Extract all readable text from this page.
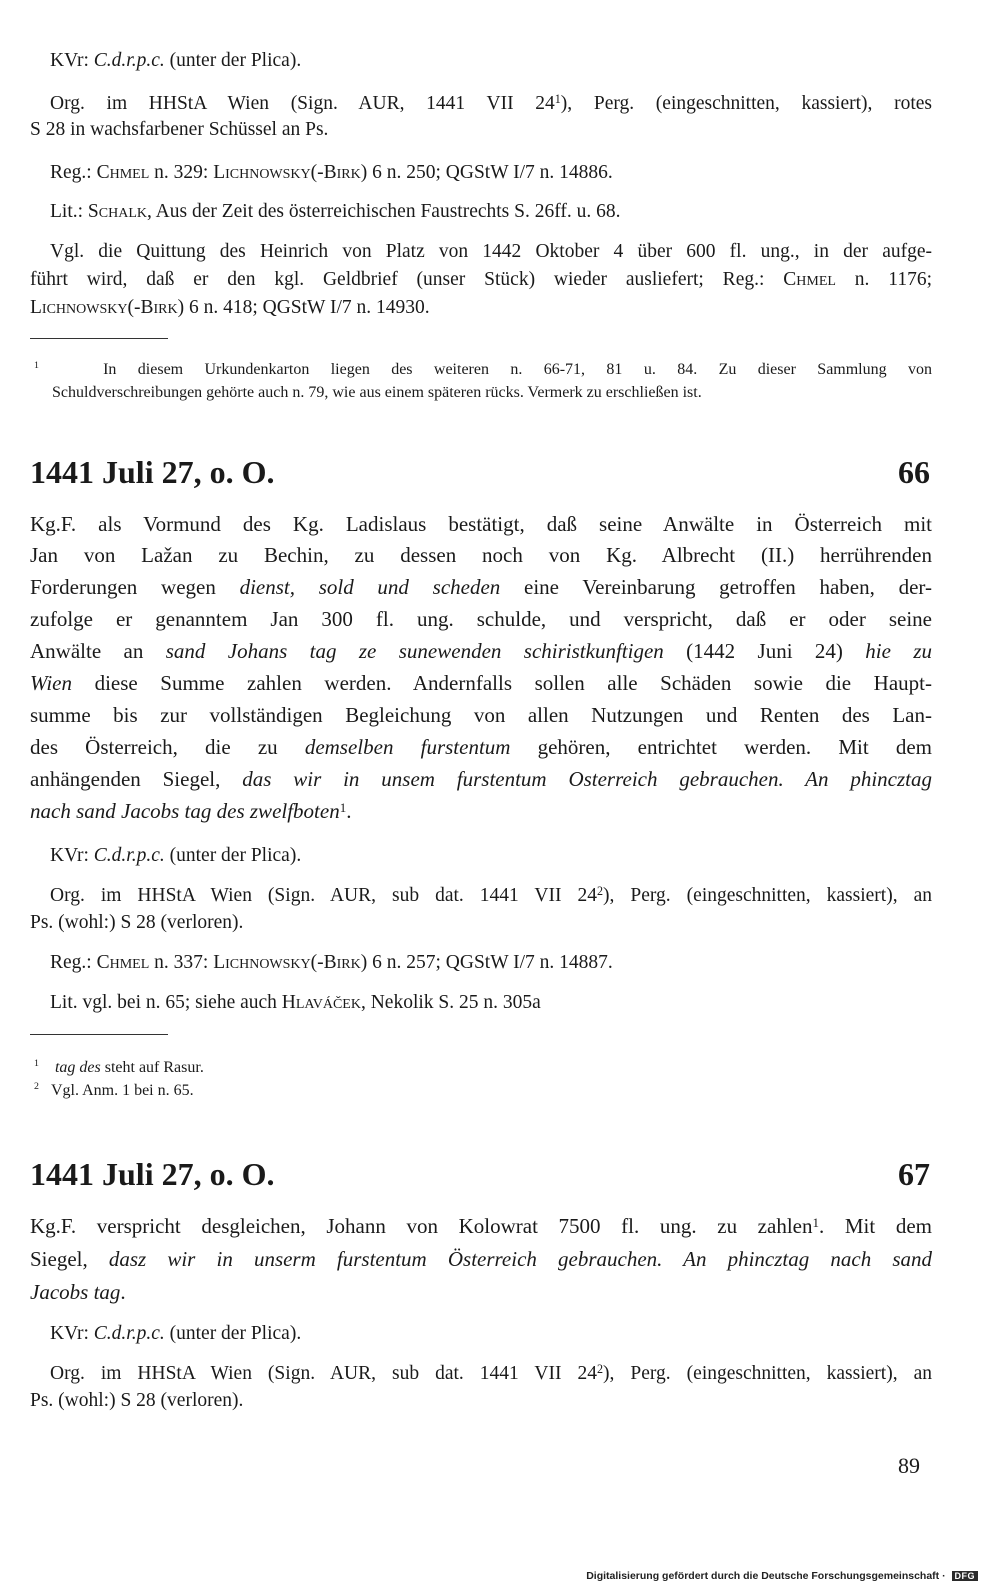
KVr: C.d.r.p.c. (unter der Plica).
Org. im HHStA Wien (Sign. AUR, 1441 VII $24^1$), Perg. (eingeschnitten, kassiert), rotes
S 28 in wachsfarbener Schüssel an Ps.
Reg.: Chmel n. 329: Lichnowsky(-Birk) 6 n. 250; QGStW I/7 n. 14886.
Lit.: Schalk, Aus der Zeit des österreichischen Faustrechts S. 26ff. u. 68.
Vgl. die Quittung des Heinrich von Platz von 1442 Oktober 4 über 600 fl. ung., in der aufge-
führt wird, daß er den kgl. Geldbrief (unser Stück) wieder ausliefert; Reg.: Chmel n. 1176;
Lichnowsky(-Birk) 6 n. 418; QGStW I/7 n. 14930.
$^1$	In diesem Urkundenkarton liegen des weiteren n. 66-71, 81 u. 84. Zu dieser Sammlung von
Schuldverschreibungen gehörte auch n. 79, wie aus einem späteren rücks. Vermerk zu erschließen ist.
1441 Juli 27, o. O.	66
Kg.F. als Vormund des Kg. Ladislaus bestätigt, daß seine Anwälte in Österreich mit
Jan von Lažan zu Bechin, zu dessen noch von Kg. Albrecht (II.) herrührenden
Forderungen wegen dienst, sold und scheden eine Vereinbarung getroffen haben, der-
zufolge er genanntem Jan 300 fl. ung. schulde, und verspricht, daß er oder seine
Anwälte an sand Johans tag ze sunewenden schiristkunftigen (1442 Juni 24) hie zu
Wien diese Summe zahlen werden. Andernfalls sollen alle Schäden sowie die Haupt-
summe bis zur vollständigen Begleichung von allen Nutzungen und Renten des Lan-
des Österreich, die zu demselben furstentum gehören, entrichtet werden. Mit dem
anhängenden Siegel, das wir in unsem furstentum Osterreich gebrauchen. An phincztag
nach sand Jacobs tag des zwelfboten$^1$.
KVr: C.d.r.p.c. (unter der Plica).
Org. im HHStA Wien (Sign. AUR, sub dat. 1441 VII $24^2$), Perg. (eingeschnitten, kassiert), an
Ps. (wohl:) S 28 (verloren).
Reg.: Chmel n. 337: Lichnowsky(-Birk) 6 n. 257; QGStW I/7 n. 14887.
Lit. vgl. bei n. 65; siehe auch Hlaváček, Nekolik S. 25 n. 305a
$^1$ tag des steht auf Rasur.
$^2$ Vgl. Anm. 1 bei n. 65.
1441 Juli 27, o. O.	67
Kg.F. verspricht desgleichen, Johann von Kolowrat 7500 fl. ung. zu zahlen$^1$. Mit dem
Siegel, dasz wir in unserm furstentum Österreich gebrauchen. An phincztag nach sand
Jacobs tag.
KVr: C.d.r.p.c. (unter der Plica).
Org. im HHStA Wien (Sign. AUR, sub dat. 1441 VII $24^2$), Perg. (eingeschnitten, kassiert), an
Ps. (wohl:) S 28 (verloren).
89
Digitalisierung gefördert durch die Deutsche Forschungsgemeinschaft · DFG
